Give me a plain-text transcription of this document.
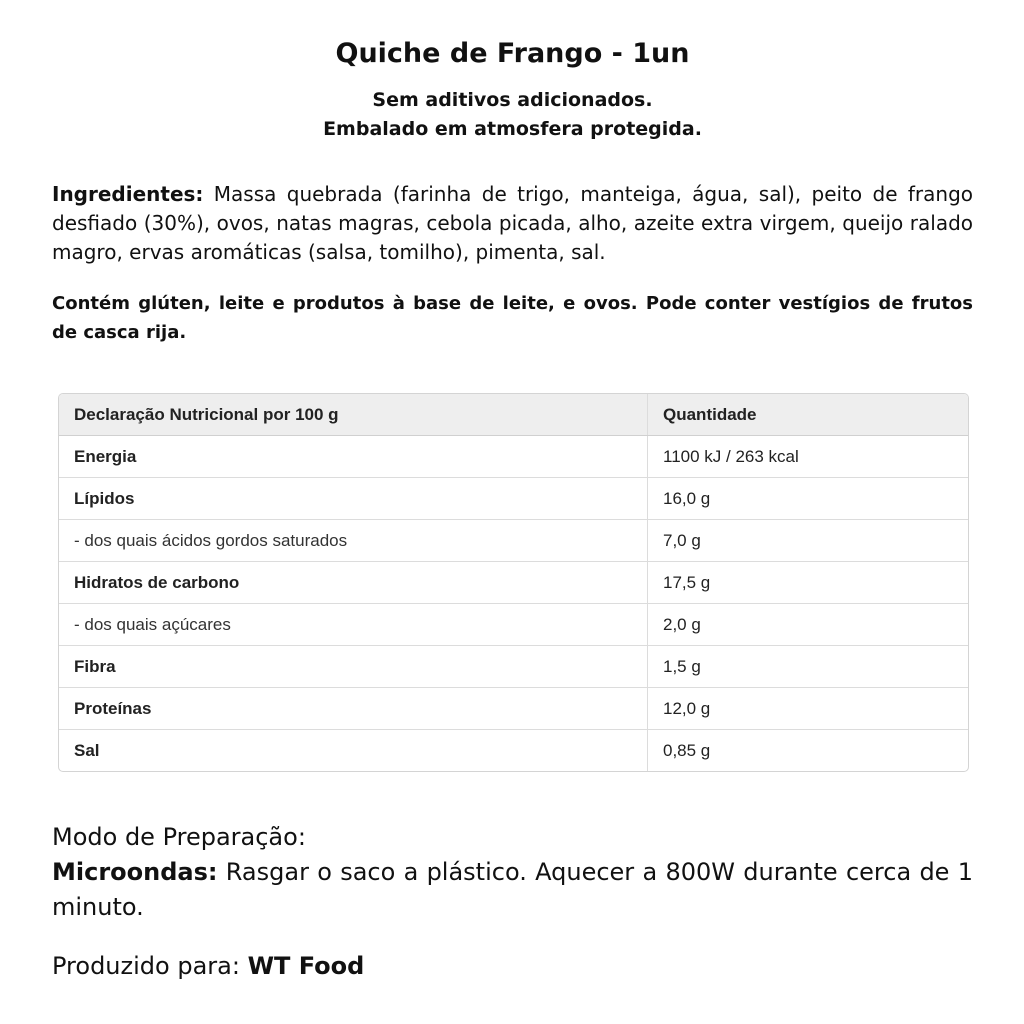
Quiche de Frango - 1un
Sem aditivos adicionados.
Embalado em atmosfera protegida.
Ingredientes: Massa quebrada (farinha de trigo, manteiga, água, sal), peito de frango desfiado (30%), ovos, natas magras, cebola picada, alho, azeite extra virgem, queijo ralado magro, ervas aromáticas (salsa, tomilho), pimenta, sal.
Contém glúten, leite e produtos à base de leite, e ovos. Pode conter vestígios de frutos de casca rija.
Declaração Nutricional por 100 g	Quantidade
Energia	1100 kJ / 263 kcal
Lípidos	16,0 g
- dos quais ácidos gordos saturados	7,0 g
Hidratos de carbono	17,5 g
- dos quais açúcares	2,0 g
Fibra	1,5 g
Proteínas	12,0 g
Sal	0,85 g
Modo de Preparação:
Microondas: Rasgar o saco a plástico. Aquecer a 800W durante cerca de 1 minuto.
Produzido para: WT Food
